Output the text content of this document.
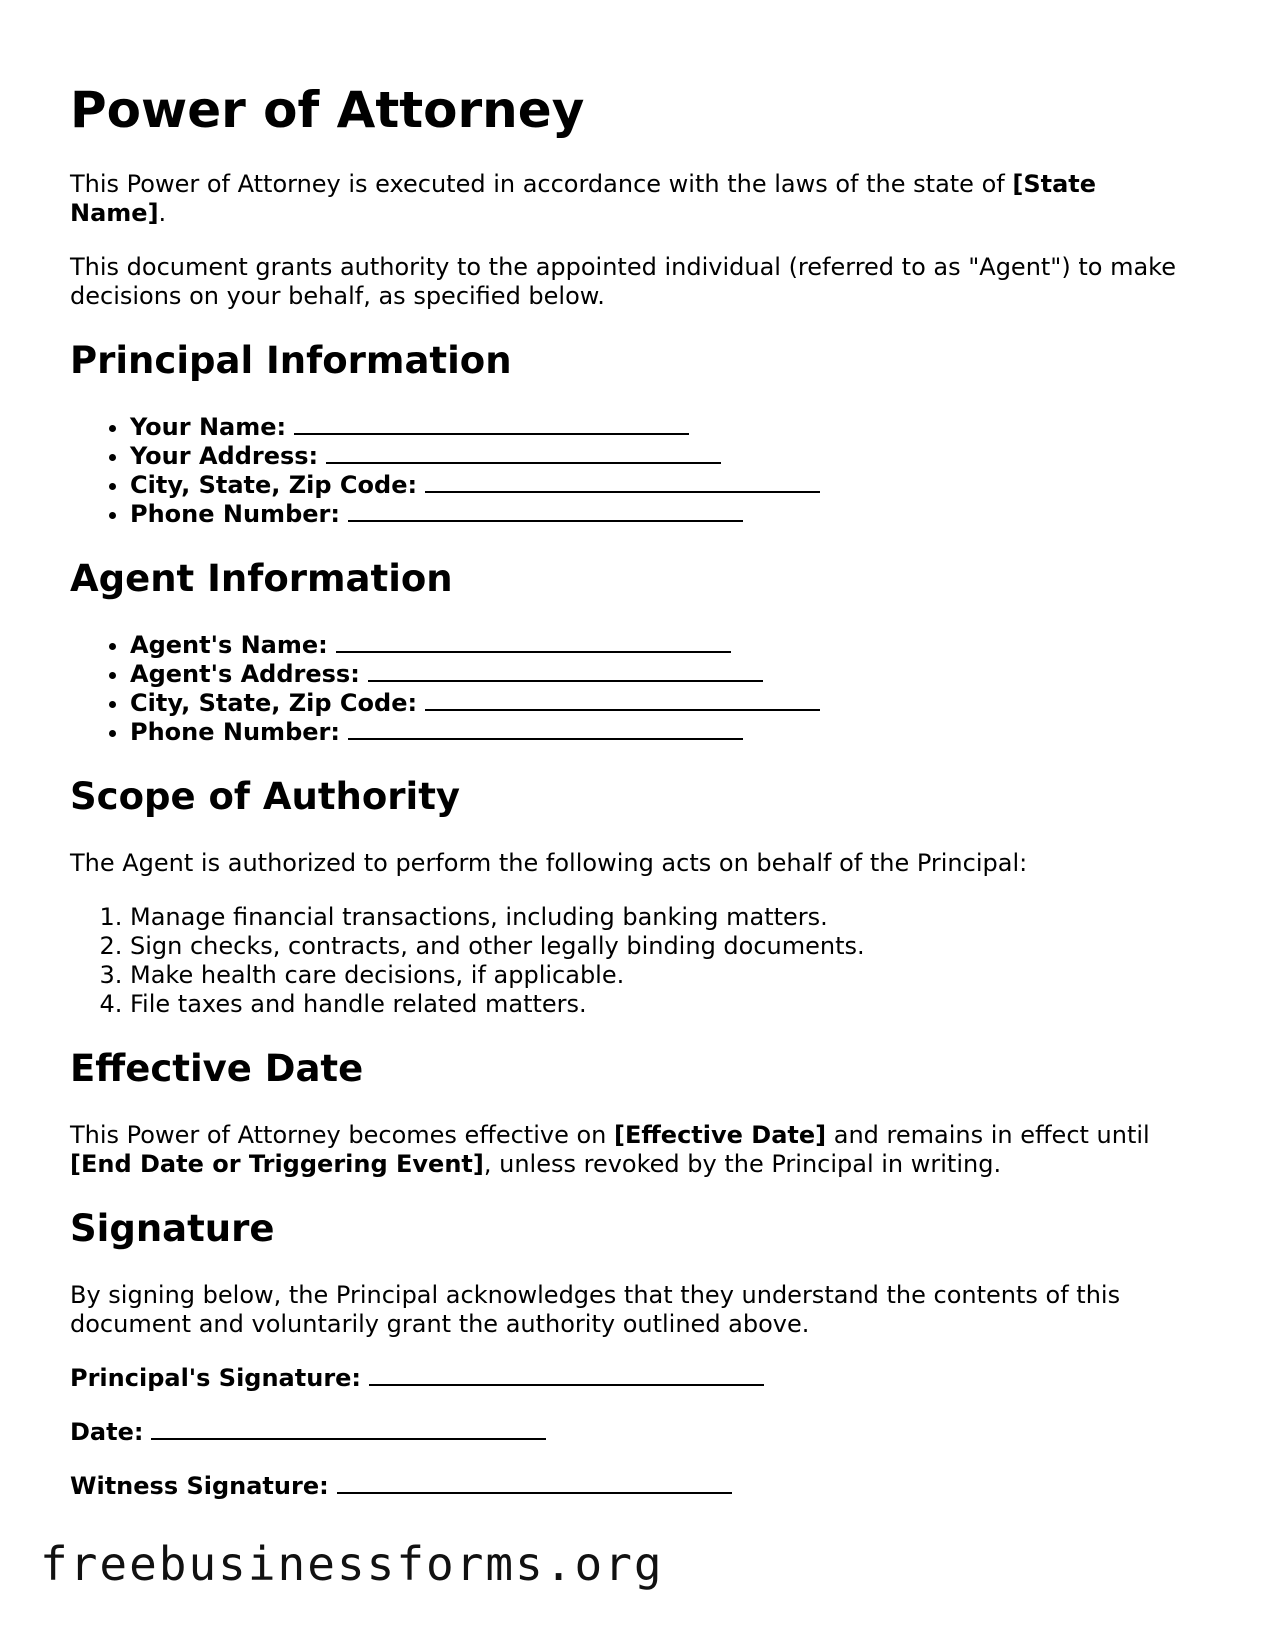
Power of Attorney

This Power of Attorney is executed in accordance with the laws of the state of [State Name].

This document grants authority to the appointed individual (referred to as "Agent") to make decisions on your behalf, as specified below.

Principal Information
• Your Name:
• Your Address:
• City, State, Zip Code:
• Phone Number:
Agent Information
• Agent's Name:
• Agent's Address:
• City, State, Zip Code:
• Phone Number:
Scope of Authority

The Agent is authorized to perform the following acts on behalf of the Principal:

1. Manage financial transactions, including banking matters.
2. Sign checks, contracts, and other legally binding documents.
3. Make health care decisions, if applicable.
4. File taxes and handle related matters.
Effective Date

This Power of Attorney becomes effective on [Effective Date] and remains in effect until [End Date or Triggering Event], unless revoked by the Principal in writing.

Signature

By signing below, the Principal acknowledges that they understand the contents of this document and voluntarily grant the authority outlined above.

Principal's Signature:
Date:
Witness Signature:
freebusinessforms.org
